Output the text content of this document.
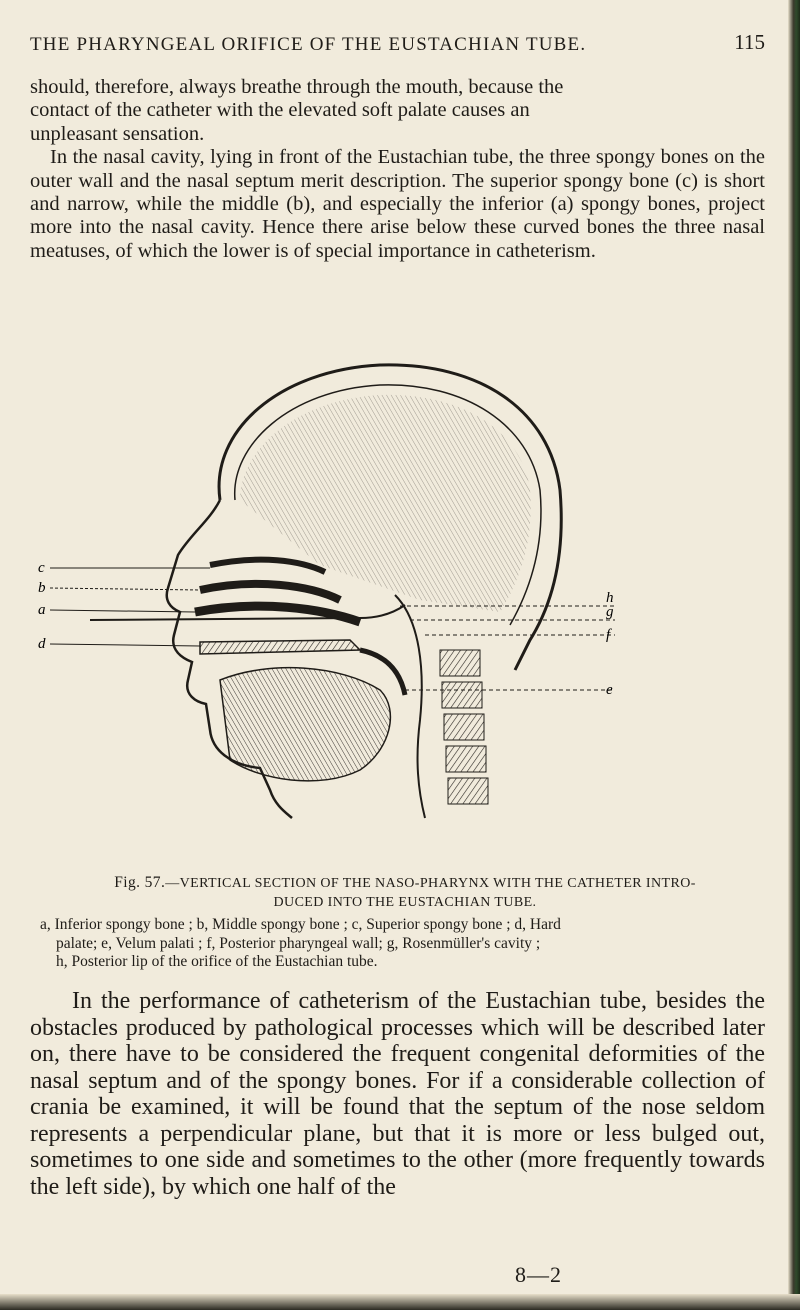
THE PHARYNGEAL ORIFICE OF THE EUSTACHIAN TUBE.	115

should, therefore, always breathe through the mouth, because the

contact of the catheter with the elevated soft palate causes an

unpleasant sensation.

In the nasal cavity, lying in front of the Eustachian tube, the three spongy bones on the outer wall and the nasal septum merit description. The superior spongy bone (c) is short and narrow, while the middle (b), and especially the inferior (a) spongy bones, project more into the nasal cavity. Hence there arise below these curved bones the three nasal meatuses, of which the lower is of special importance in catheterism.

c
b
a
d
h
g
f
e
Fig. 57.—VERTICAL SECTION OF THE NASO-PHARYNX WITH THE CATHETER INTRO-
DUCED INTO THE EUSTACHIAN TUBE.
a, Inferior spongy bone ; b, Middle spongy bone ; c, Superior spongy bone ; d, Hard
palate; e, Velum palati ; f, Posterior pharyngeal wall; g, Rosenmüller's cavity ;
h, Posterior lip of the orifice of the Eustachian tube.

In the performance of catheterism of the Eustachian tube, besides the obstacles produced by pathological processes which will be described later on, there have to be considered the frequent congenital deformities of the nasal septum and of the spongy bones. For if a considerable collection of crania be examined, it will be found that the septum of the nose seldom represents a perpendicular plane, but that it is more or less bulged out, sometimes to one side and sometimes to the other (more frequently towards the left side), by which one half of the

8—2
